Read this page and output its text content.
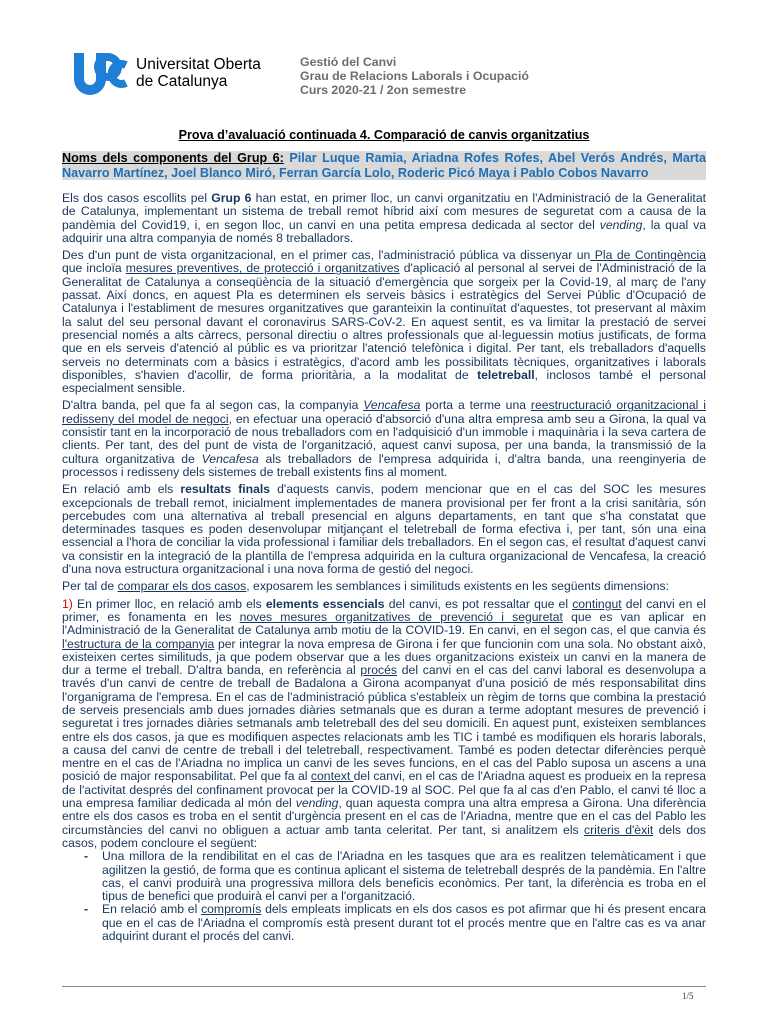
Universitat Oberta
de Catalunya
Gestió del Canvi
Grau de Relacions Laborals i Ocupació
Curs 2020-21 / 2on semestre
Prova d’avaluació continuada 4. Comparació de canvis organitzatius
Noms dels components del Grup 6: Pilar Luque Ramia, Ariadna Rofes Rofes, Abel Verós Andrés, Marta Navarro Martínez, Joel Blanco Miró, Ferran García Lolo, Roderic Picó Maya i Pablo Cobos Navarro

Els dos casos escollits pel Grup 6 han estat, en primer lloc, un canvi organitzatiu en l'Administració de la Generalitat de Catalunya, implementant un sistema de treball remot híbrid així com mesures de seguretat com a causa de la pandèmia del Covid19, i, en segon lloc, un canvi en una petita empresa dedicada al sector del vending, la qual va adquirir una altra companyia de només 8 treballadors.

Des d'un punt de vista organitzacional, en el primer cas, l'administració pública va dissenyar un Pla de Contingència que incloïa mesures preventives, de protecció i organitzatives d'aplicació al personal al servei de l'Administració de la Generalitat de Catalunya a conseqüència de la situació d'emergència que sorgeix per la Covid-19, al març de l'any passat. Així doncs, en aquest Pla es determinen els serveis bàsics i estratègics del Servei Públic d'Ocupació de Catalunya i l'establiment de mesures organitzatives que garanteixin la continuïtat d'aquestes, tot preservant al màxim la salut del seu personal davant el coronavirus SARS-CoV-2. En aquest sentit, es va limitar la prestació de servei presencial només a alts càrrecs, personal directiu o altres professionals que al·leguessin motius justificats, de forma que en els serveis d'atenció al públic es va prioritzar l'atenció telefònica i digital. Per tant, els treballadors d'aquells serveis no determinats com a bàsics i estratègics, d'acord amb les possibilitats tècniques, organitzatives i laborals disponibles, s'havien d'acollir, de forma prioritària, a la modalitat de teletreball, inclosos també el personal especialment sensible.

D'altra banda, pel que fa al segon cas, la companyia Vencafesa porta a terme una reestructuració organitzacional i redisseny del model de negoci, en efectuar una operació d'absorció d'una altra empresa amb seu a Girona, la qual va consistir tant en la incorporació de nous treballadors com en l'adquisició d'un immoble i maquinària i la seva cartera de clients. Per tant, des del punt de vista de l'organització, aquest canvi suposa, per una banda, la transmissió de la cultura organitzativa de Vencafesa als treballadors de l'empresa adquirida i, d'altra banda, una reenginyeria de processos i redisseny dels sistemes de treball existents fins al moment.

En relació amb els resultats finals d'aquests canvis, podem mencionar que en el cas del SOC les mesures excepcionals de treball remot, inicialment implementades de manera provisional per fer front a la crisi sanitària, són percebudes com una alternativa al treball presencial en alguns departaments, en tant que s'ha constatat que determinades tasques es poden desenvolupar mitjançant el teletreball de forma efectiva i, per tant, són una eina essencial a l'hora de conciliar la vida professional i familiar dels treballadors. En el segon cas, el resultat d'aquest canvi va consistir en la integració de la plantilla de l'empresa adquirida en la cultura organizacional de Vencafesa, la creació d'una nova estructura organitzacional i una nova forma de gestió del negoci.

Per tal de comparar els dos casos, exposarem les semblances i similituds existents en les següents dimensions:

1) En primer lloc, en relació amb els elements essencials del canvi, es pot ressaltar que el contingut del canvi en el primer, es fonamenta en les noves mesures organitzatives de prevenció i seguretat que es van aplicar en l'Administració de la Generalitat de Catalunya amb motiu de la COVID-19. En canvi, en el segon cas, el que canvia és l'estructura de la companyia per integrar la nova empresa de Girona i fer que funcionin com una sola. No obstant això, existeixen certes similituds, ja que podem observar que a les dues organitzacions existeix un canvi en la manera de dur a terme el treball. D'altra banda, en referència al procés del canvi en el cas del canvi laboral es desenvolupa a través d'un canvi de centre de treball de Badalona a Girona acompanyat d'una posició de més responsabilitat dins l'organigrama de l'empresa. En el cas de l'administració pública s'estableix un règim de torns que combina la prestació de serveis presencials amb dues jornades diàries setmanals que es duran a terme adoptant mesures de prevenció i seguretat i tres jornades diàries setmanals amb teletreball des del seu domicili. En aquest punt, existeixen semblances entre els dos casos, ja que es modifiquen aspectes relacionats amb les TIC i també es modifiquen els horaris laborals, a causa del canvi de centre de treball i del teletreball, respectivament. També es poden detectar diferències perquè mentre en el cas de l'Ariadna no implica un canvi de les seves funcions, en el cas del Pablo suposa un ascens a una posició de major responsabilitat. Pel que fa al context del canvi, en el cas de l'Ariadna aquest es produeix en la represa de l'activitat després del confinament provocat per la COVID-19 al SOC. Pel que fa al cas d'en Pablo, el canvi té lloc a una empresa familiar dedicada al món del vending, quan aquesta compra una altra empresa a Girona. Una diferència entre els dos casos es troba en el sentit d'urgència present en el cas de l'Ariadna, mentre que en el cas del Pablo les circumstàncies del canvi no obliguen a actuar amb tanta celeritat. Per tant, si analitzem els criteris d'èxit dels dos casos, podem concloure el següent:

- Una millora de la rendibilitat en el cas de l'Ariadna en les tasques que ara es realitzen telemàticament i que agilitzen la gestió, de forma que es continua aplicant el sistema de teletreball després de la pandèmia. En l'altre cas, el canvi produirà una progressiva millora dels beneficis econòmics. Per tant, la diferència es troba en el tipus de benefici que produirà el canvi per a l'organització.
- En relació amb el compromís dels empleats implicats en els dos casos es pot afirmar que hi és present encara que en el cas de l'Ariadna el compromís està present durant tot el procés mentre que en l'altre cas es va anar adquirint durant el procés del canvi.
1/5
